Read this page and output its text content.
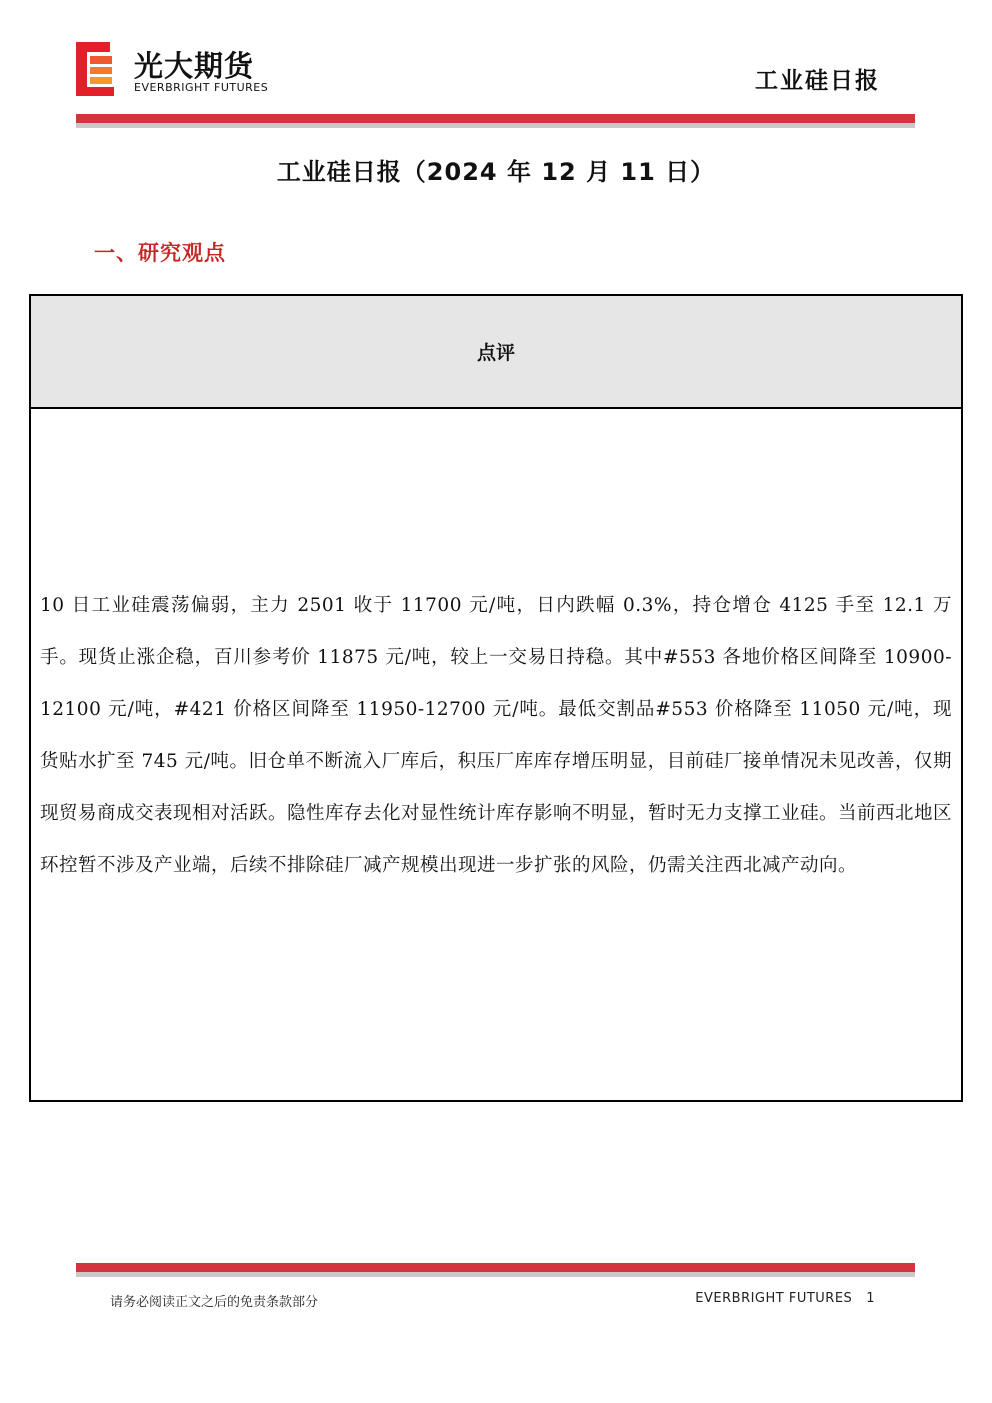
光大期货
EVERBRIGHT FUTURES	工业硅日报
工业硅日报（2024 年 12 月 11 日）
一、研究观点
点评

10 日工业硅震荡偏弱，主力 2501 收于 11700 元/吨，日内跌幅 0.3%，持仓增仓 4125 手至 12.1 万手。现货止涨企稳，百川参考价 11875 元/吨，较上一交易日持稳。其中#553 各地价格区间降至 10900-12100 元/吨，#421 价格区间降至 11950-12700 元/吨。最低交割品#553 价格降至 11050 元/吨，现货贴水扩至 745 元/吨。旧仓单不断流入厂库后，积压厂库库存增压明显，目前硅厂接单情况未见改善，仅期现贸易商成交表现相对活跃。隐性库存去化对显性统计库存影响不明显，暂时无力支撑工业硅。当前西北地区环控暂不涉及产业端，后续不排除硅厂减产规模出现进一步扩张的风险，仍需关注西北减产动向。

请务必阅读正文之后的免责条款部分	EVERBRIGHT FUTURES 1
